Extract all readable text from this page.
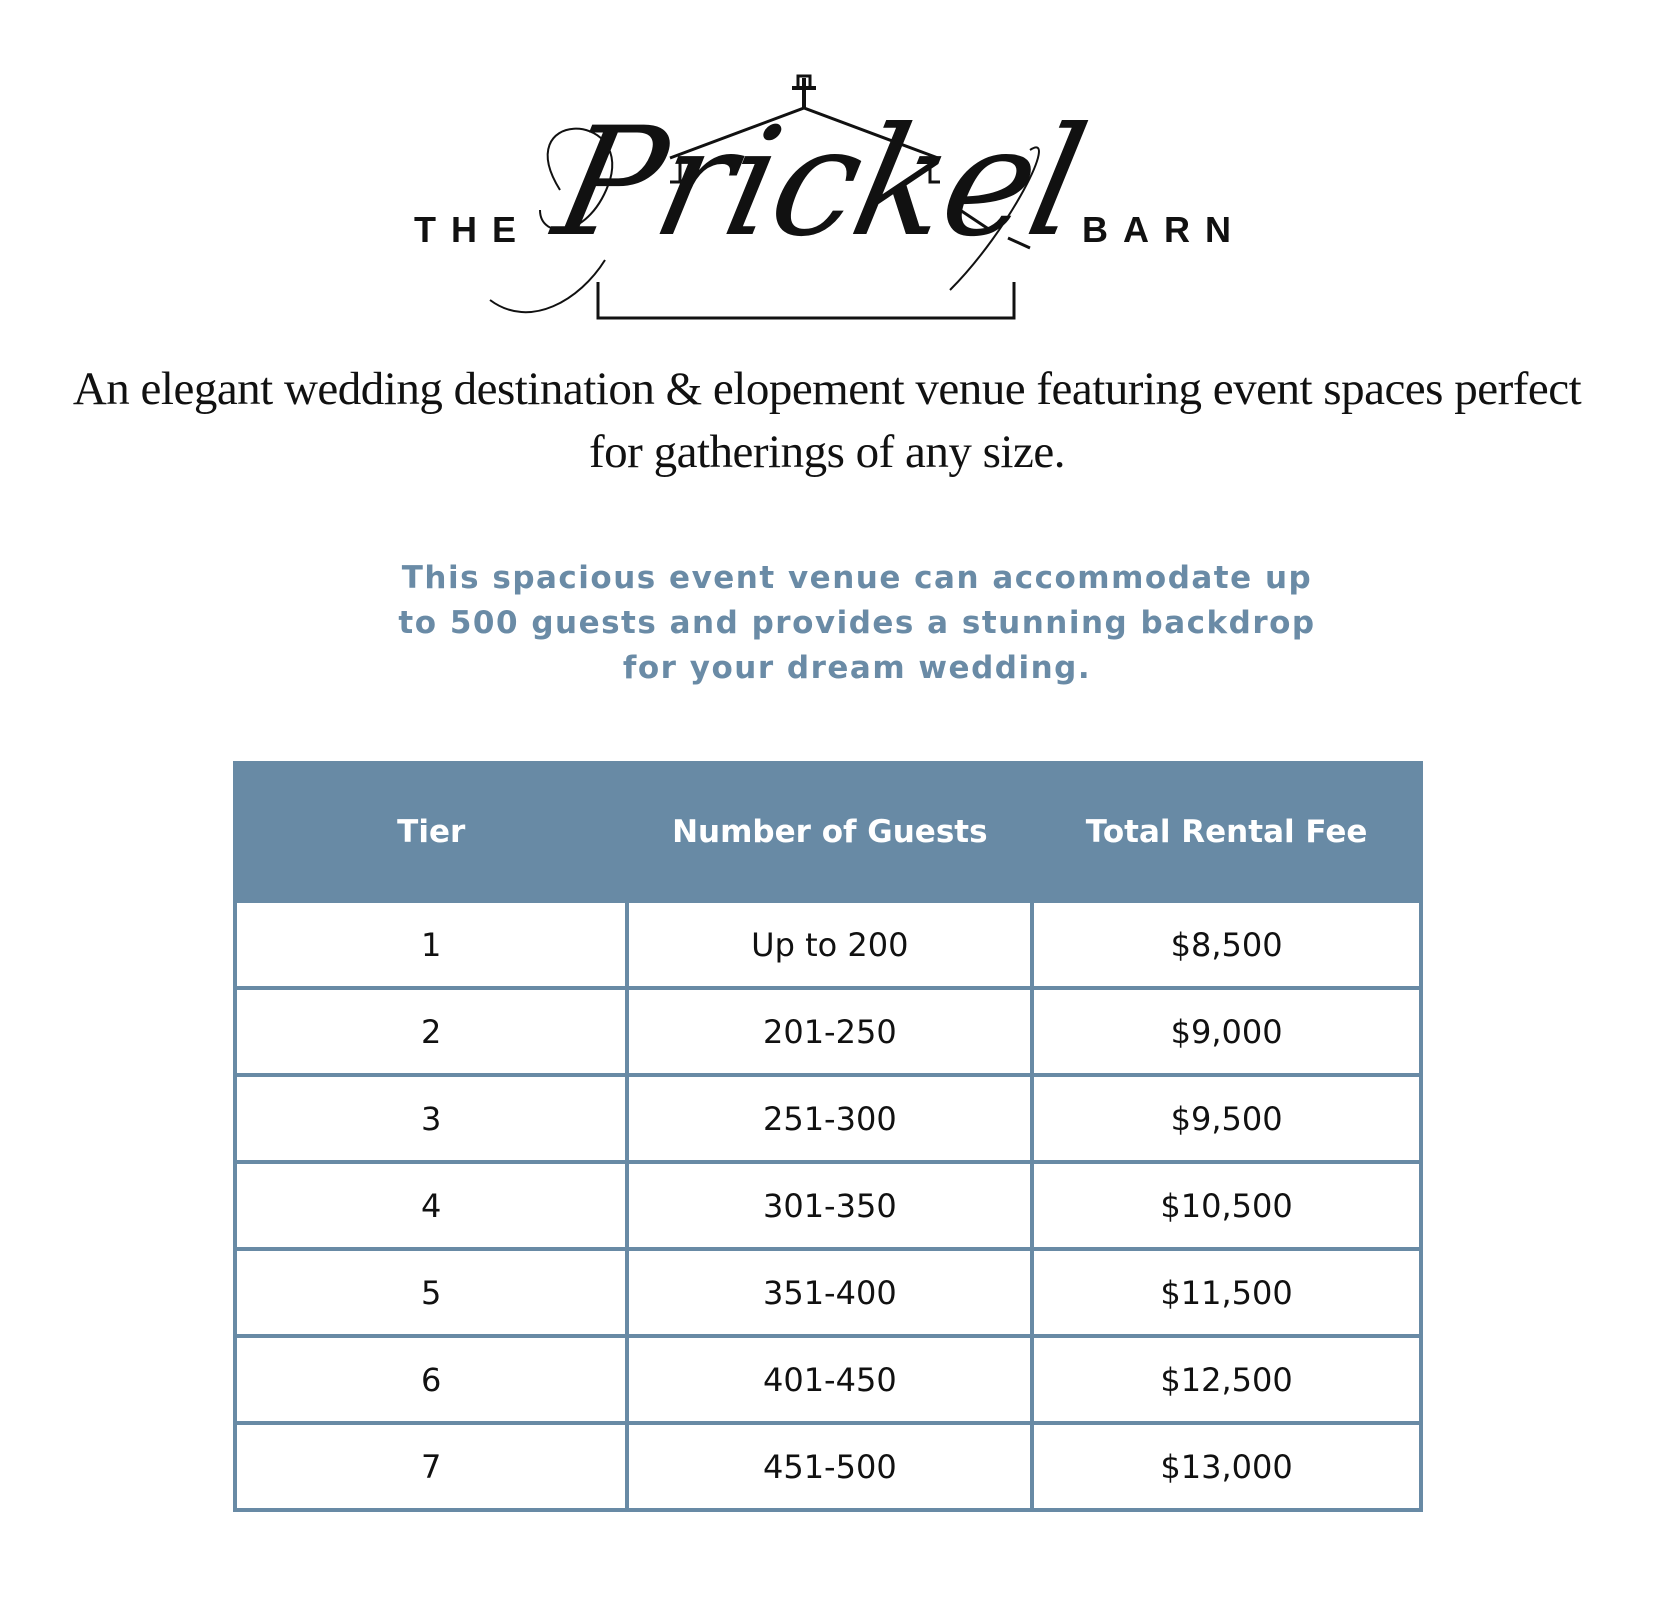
THE Prickel
BARN
An elegant wedding destination & elopement venue featuring event spaces perfect for gatherings of any size.
This spacious event venue can accommodate up to 500 guests and provides a stunning backdrop for your dream wedding.
Tier	Number of Guests	Total Rental Fee
1	Up to 200	$8,500
2	201-250	$9,000
3	251-300	$9,500
4	301-350	$10,500
5	351-400	$11,500
6	401-450	$12,500
7	451-500	$13,000
